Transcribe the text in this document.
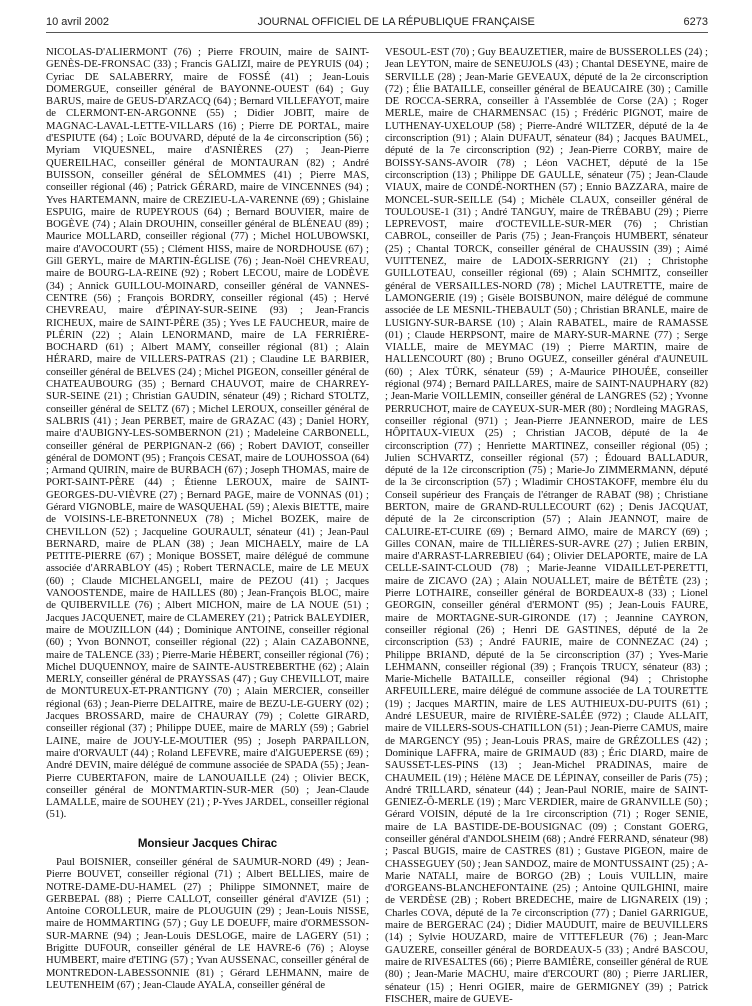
10 avril 2002	JOURNAL OFFICIEL DE LA RÉPUBLIQUE FRANÇAISE	6273

NICOLAS-D'ALIERMONT (76) ; Pierre FROUIN, maire de SAINT-GENÈS-DE-FRONSAC (33) ; Francis GALIZI, maire de PEYRUIS (04) ; Cyriac DE SALABERRY, maire de FOSSÉ (41) ; Jean-Louis DOMERGUE, conseiller général de BAYONNE-OUEST (64) ; Guy BARUS, maire de GEUS-D'ARZACQ (64) ; Bernard VILLEFAYOT, maire de CLERMONT-EN-ARGONNE (55) ; Didier JOBIT, maire de MAGNAC-LAVAL-LETTE-VILLARS (16) ; Pierre DE PORTAL, maire d'ESPIUTE (64) ; Loïc BOUVARD, député de la 4e circonscription (56) ; Myriam VIQUESNEL, maire d'ASNIÈRES (27) ; Jean-Pierre QUEREILHAC, conseiller général de MONTAURAN (82) ; André BUISSON, conseiller général de SÉLOMMES (41) ; Pierre MAS, conseiller régional (46) ; Patrick GÉRARD, maire de VINCENNES (94) ; Yves HARTEMANN, maire de CREZIEU-LA-VARENNE (69) ; Ghislaine ESPUIG, maire de RUPEYROUS (64) ; Bernard BOUVIER, maire de BOGÈVE (74) ; Alain DROUHIN, conseiller général de BLÉNEAU (89) ; Maurice MOLLARD, conseiller régional (77) ; Michel HOLUBOWSKI, maire d'AVOCOURT (55) ; Clément HISS, maire de NORDHOUSE (67) ; Gill GERYL, maire de MARTIN-ÉGLISE (76) ; Jean-Noël CHEVREAU, maire de BOURG-LA-REINE (92) ; Robert LECOU, maire de LODÈVE (34) ; Annick GUILLOU-MOINARD, conseiller général de VANNES-CENTRE (56) ; François BORDRY, conseiller régional (45) ; Hervé CHEVREAU, maire d'ÉPINAY-SUR-SEINE (93) ; Jean-Francis RICHEUX, maire de SAINT-PÈRE (35) ; Yves LE FAUCHEUR, maire de PLÉRIN (22) ; Alain LENORMAND, maire de LA FERRIÈRE-BOCHARD (61) ; Albert MAMY, conseiller régional (81) ; Alain HÉRARD, maire de VILLERS-PATRAS (21) ; Claudine LE BARBIER, conseiller général de BELVES (24) ; Michel PIGEON, conseiller général de CHATEAUBOURG (35) ; Bernard CHAUVOT, maire de CHARREY-SUR-SEINE (21) ; Christian GAUDIN, sénateur (49) ; Richard STOLTZ, conseiller général de SELTZ (67) ; Michel LEROUX, conseiller général de SALBRIS (41) ; Jean PERBET, maire de GRAZAC (43) ; Daniel HORY, maire d'AUBIGNY-LES-SOMBERNON (21) ; Madeleine CARBONELL, conseiller général de PERPIGNAN-2 (66) ; Robert DAVIOT, conseiller général de DOMONT (95) ; François CESAT, maire de LOUHOSSOA (64) ; Armand QUIRIN, maire de BURBACH (67) ; Joseph THOMAS, maire de PORT-SAINT-PÈRE (44) ; Étienne LEROUX, maire de SAINT-GEORGES-DU-VIÈVRE (27) ; Bernard PAGE, maire de VONNAS (01) ; Gérard VIGNOBLE, maire de WASQUEHAL (59) ; Alexis BIETTE, maire de VOISINS-LE-BRETONNEUX (78) ; Michel BOZEK, maire de CHEVILLON (52) ; Jacqueline GOURAULT, sénateur (41) ; Jean-Paul BERNARD, maire de PLAN (38) ; Jean MICHAELY, maire de LA PETITE-PIERRE (67) ; Monique BOSSET, maire délégué de commune associée d'ARRABLOY (45) ; Robert TERNACLE, maire de LE MEUX (60) ; Claude MICHELANGELI, maire de PEZOU (41) ; Jacques VANOOSTENDE, maire de HAILLES (80) ; Jean-François BLOC, maire de QUIBERVILLE (76) ; Albert MICHON, maire de LA NOUE (51) ; Jacques JACQUENET, maire de CLAMEREY (21) ; Patrick BALEYDIER, maire de MOUZILLON (44) ; Dominique ANTOINE, conseiller régional (60) ; Yvon BONNOT, conseiller régional (22) ; Alain CAZABONNE, maire de TALENCE (33) ; Pierre-Marie HÉBERT, conseiller régional (76) ; Michel DUQUENNOY, maire de SAINTE-AUSTREBERTHE (62) ; Alain MERLY, conseiller général de PRAYSSAS (47) ; Guy CHEVILLOT, maire de MONTUREUX-ET-PRANTIGNY (70) ; Alain MERCIER, conseiller régional (63) ; Jean-Pierre DELAITRE, maire de BEZU-LE-GUERY (02) ; Jacques BROSSARD, maire de CHAURAY (79) ; Colette GIRARD, conseiller régional (37) ; Philippe DUEE, maire de MARLY (59) ; Gabriel LAINE, maire de JOUY-LE-MOUTIER (95) ; Joseph PARPAILLON, maire d'ORVAULT (44) ; Roland LEFEVRE, maire d'AIGUEPERSE (69) ; André DEVIN, maire délégué de commune associée de SPADA (55) ; Jean-Pierre CUBERTAFON, maire de LANOUAILLE (24) ; Olivier BECK, conseiller général de MONTMARTIN-SUR-MER (50) ; Jean-Claude LAMALLE, maire de SOUHEY (21) ; P-Yves JARDEL, conseiller régional (51).

Monsieur Jacques Chirac

Paul BOISNIER, conseiller général de SAUMUR-NORD (49) ; Jean-Pierre BOUVET, conseiller régional (71) ; Albert BELLIES, maire de NOTRE-DAME-DU-HAMEL (27) ; Philippe SIMONNET, maire de GERBEPAL (88) ; Pierre CALLOT, conseiller général d'AVIZE (51) ; Antoine COROLLEUR, maire de PLOUGUIN (29) ; Jean-Louis NISSE, maire de HOMMARTING (57) ; Guy LE DOEUFF, maire d'ORMESSON-SUR-MARNE (94) ; Jean-Louis DESLOGE, maire de LAGERY (51) ; Brigitte DUFOUR, conseiller général de LE HAVRE-6 (76) ; Aloyse HUMBERT, maire d'ETING (57) ; Yvan AUSSENAC, conseiller général de MONTREDON-LABESSONNIE (81) ; Gérard LEHMANN, maire de LEUTENHEIM (67) ; Jean-Claude AYALA, conseiller général de

VESOUL-EST (70) ; Guy BEAUZETIER, maire de BUSSEROLLES (24) ; Jean LEYTON, maire de SENEUJOLS (43) ; Chantal DESEYNE, maire de SERVILLE (28) ; Jean-Marie GEVEAUX, député de la 2e circonscription (72) ; Élie BATAILLE, conseiller général de BEAUCAIRE (30) ; Camille DE ROCCA-SERRA, conseiller à l'Assemblée de Corse (2A) ; Roger MERLE, maire de CHARMENSAC (15) ; Frédéric PIGNOT, maire de LUTHENAY-UXELOUP (58) ; Pierre-André WILTZER, député de la 4e circonscription (91) ; Alain DUFAUT, sénateur (84) ; Jacques BAUMEL, député de la 7e circonscription (92) ; Jean-Pierre CORBY, maire de BOISSY-SANS-AVOIR (78) ; Léon VACHET, député de la 15e circonscription (13) ; Philippe DE GAULLE, sénateur (75) ; Jean-Claude VIAUX, maire de CONDÉ-NORTHEN (57) ; Ennio BAZZARA, maire de MONCEL-SUR-SEILLE (54) ; Michèle CLAUX, conseiller général de TOULOUSE-1 (31) ; André TANGUY, maire de TRÉBABU (29) ; Pierre LEPREVOST, maire d'OCTEVILLE-SUR-MER (76) ; Christian CABROL, conseiller de Paris (75) ; Jean-François HUMBERT, sénateur (25) ; Chantal TORCK, conseiller général de CHAUSSIN (39) ; Aimé VUITTENEZ, maire de LADOIX-SERRIGNY (21) ; Christophe GUILLOTEAU, conseiller régional (69) ; Alain SCHMITZ, conseiller général de VERSAILLES-NORD (78) ; Michel LAUTRETTE, maire de LAMONGERIE (19) ; Gisèle BOISBUNON, maire délégué de commune associée de LE MESNIL-THEBAULT (50) ; Christian BRANLE, maire de LUSIGNY-SUR-BARSE (10) ; Alain RABATEL, maire de RAMASSE (01) ; Claude HERPSONT, maire de MARY-SUR-MARNE (77) ; Serge VIALLE, maire de MEYMAC (19) ; Pierre MARTIN, maire de HALLENCOURT (80) ; Bruno OGUEZ, conseiller général d'AUNEUIL (60) ; Alex TÜRK, sénateur (59) ; A-Maurice PIHOUÉE, conseiller régional (974) ; Bernard PAILLARES, maire de SAINT-NAUPHARY (82) ; Jean-Marie VOILLEMIN, conseiller général de LANGRES (52) ; Yvonne PERRUCHOT, maire de CAYEUX-SUR-MER (80) ; Nordleing MAGRAS, conseiller régional (971) ; Jean-Pierre JEANNEROD, maire de LES HÔPITAUX-VIEUX (25) ; Christian JACOB, député de la 4e circonscription (77) ; Henriette MARTINEZ, conseiller régional (05) ; Julien SCHVARTZ, conseiller régional (57) ; Édouard BALLADUR, député de la 12e circonscription (75) ; Marie-Jo ZIMMERMANN, député de la 3e circonscription (57) ; Wladimir CHOSTAKOFF, membre élu du Conseil supérieur des Français de l'étranger de RABAT (98) ; Christiane BERTON, maire de GRAND-RULLECOURT (62) ; Denis JACQUAT, député de la 2e circonscription (57) ; Alain JEANNOT, maire de CALUIRE-ET-CUIRE (69) ; Bernard AIMO, maire de MARCY (69) ; Gilles CONAN, maire de TILLIÈRES-SUR-AVRE (27) ; Julien ERBIN, maire d'ARRAST-LARREBIEU (64) ; Olivier DELAPORTE, maire de LA CELLE-SAINT-CLOUD (78) ; Marie-Jeanne VIDAILLET-PERETTI, maire de ZICAVO (2A) ; Alain NOUALLET, maire de BÉTÊTE (23) ; Pierre LOTHAIRE, conseiller général de BORDEAUX-8 (33) ; Lionel GEORGIN, conseiller général d'ERMONT (95) ; Jean-Louis FAURE, maire de MORTAGNE-SUR-GIRONDE (17) ; Jeannine CAYRON, conseiller régional (26) ; Henri DE GASTINES, député de la 2e circonscription (53) ; André FAURIE, maire de CONNEZAC (24) ; Philippe BRIAND, député de la 5e circonscription (37) ; Yves-Marie LEHMANN, conseiller régional (39) ; François TRUCY, sénateur (83) ; Marie-Michelle BATAILLE, conseiller régional (94) ; Christophe ARFEUILLERE, maire délégué de commune associée de LA TOURETTE (19) ; Jacques MARTIN, maire de LES AUTHIEUX-DU-PUITS (61) ; André LESUEUR, maire de RIVIÈRE-SALÉE (972) ; Claude ALLAIT, maire de VILLERS-SOUS-CHATILLON (51) ; Jean-Pierre CAMUS, maire de MARGENCY (95) ; Jean-Louis PRAS, maire de GRÉZOLLES (42) ; Dominique LAFFRA, maire de GRIMAUD (83) ; Éric DIARD, maire de SAUSSET-LES-PINS (13) ; Jean-Michel PRADINAS, maire de CHAUMEIL (19) ; Hélène MACE DE LÉPINAY, conseiller de Paris (75) ; André TRILLARD, sénateur (44) ; Jean-Paul NORIE, maire de SAINT-GENIEZ-Ô-MERLE (19) ; Marc VERDIER, maire de GRANVILLE (50) ; Gérard VOISIN, député de la 1re circonscription (71) ; Roger SENIE, maire de LA BASTIDE-DE-BOUSIGNAC (09) ; Constant GOERG, conseiller général d'ANDOLSHEIM (68) ; André FERRAND, sénateur (98) ; Pascal BUGIS, maire de CASTRES (81) ; Gustave PIGEON, maire de CHASSEGUEY (50) ; Jean SANDOZ, maire de MONTUSSAINT (25) ; A-Marie NATALI, maire de BORGO (2B) ; Louis VUILLIN, maire d'ORGEANS-BLANCHEFONTAINE (25) ; Antoine QUILGHINI, maire de VERDÈSE (2B) ; Robert BREDECHE, maire de LIGNAREIX (19) ; Charles COVA, député de la 7e circonscription (77) ; Daniel GARRIGUE, maire de BERGERAC (24) ; Didier MAUDUIT, maire de BEUVILLERS (14) ; Sylvie HOUZARD, maire de VITTEFLEUR (76) ; Jean-Marc GAUZERE, conseiller général de BORDEAUX-5 (33) ; André BASCOU, maire de RIVESALTES (66) ; Pierre BAMIÈRE, conseiller général de RUE (80) ; Jean-Marie MACHU, maire d'ERCOURT (80) ; Pierre JARLIER, sénateur (15) ; Henri OGIER, maire de GERMIGNEY (39) ; Patrick FISCHER, maire de GUEVE-
